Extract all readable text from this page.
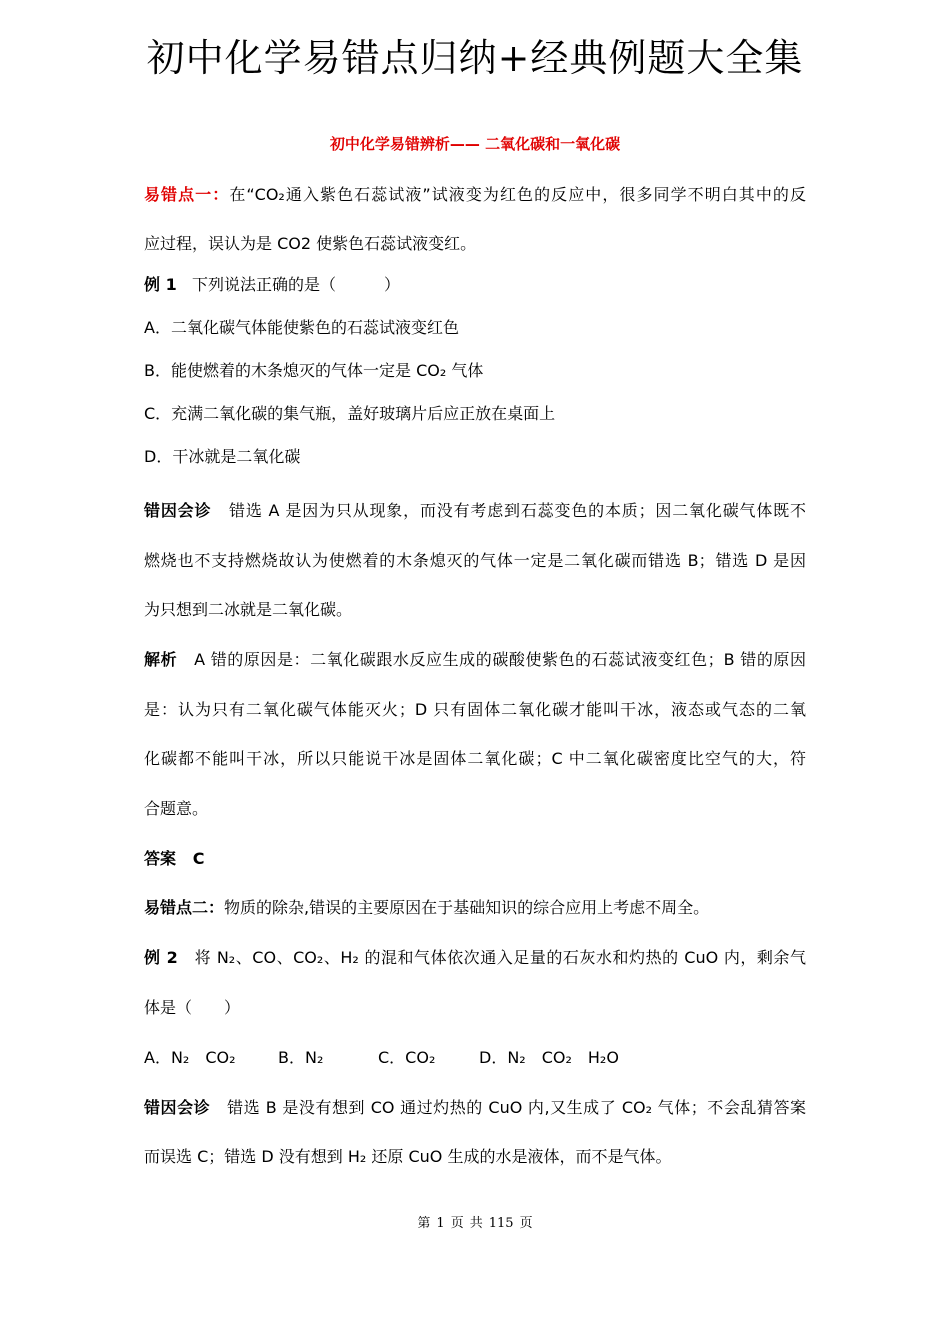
初中化学易错点归纳+经典例题大全集
初中化学易错辨析—— 二氧化碳和一氧化碳
易错点一：在“CO₂通入紫色石蕊试液”试液变为红色的反应中，很多同学不明白其中的反
应过程，误认为是 CO2 使紫色石蕊试液变红。
例 1 下列说法正确的是（　　　）
A．二氧化碳气体能使紫色的石蕊试液变红色
B．能使燃着的木条熄灭的气体一定是 CO₂ 气体
C．充满二氧化碳的集气瓶，盖好玻璃片后应正放在桌面上
D．干冰就是二氧化碳
错因会诊 错选 A 是因为只从现象，而没有考虑到石蕊变色的本质；因二氧化碳气体既不
燃烧也不支持燃烧故认为使燃着的木条熄灭的气体一定是二氧化碳而错选 B；错选 D 是因
为只想到二冰就是二氧化碳。
解析 A 错的原因是：二氧化碳跟水反应生成的碳酸使紫色的石蕊试液变红色；B 错的原因
是：认为只有二氧化碳气体能灭火；D 只有固体二氧化碳才能叫干冰，液态或气态的二氧
化碳都不能叫干冰，所以只能说干冰是固体二氧化碳；C 中二氧化碳密度比空气的大，符
合题意。
答案 C
易错点二：物质的除杂,错误的主要原因在于基础知识的综合应用上考虑不周全。
例 2 将 N₂、CO、CO₂、H₂ 的混和气体依次通入足量的石灰水和灼热的 CuO 内，剩余气
体是（　　）
A．N₂　CO₂	B．N₂	C．CO₂	D．N₂　CO₂　H₂O
错因会诊 错选 B 是没有想到 CO 通过灼热的 CuO 内,又生成了 CO₂ 气体；不会乱猜答案
而误选 C；错选 D 没有想到 H₂ 还原 CuO 生成的水是液体，而不是气体。
第 1 页 共 115 页
